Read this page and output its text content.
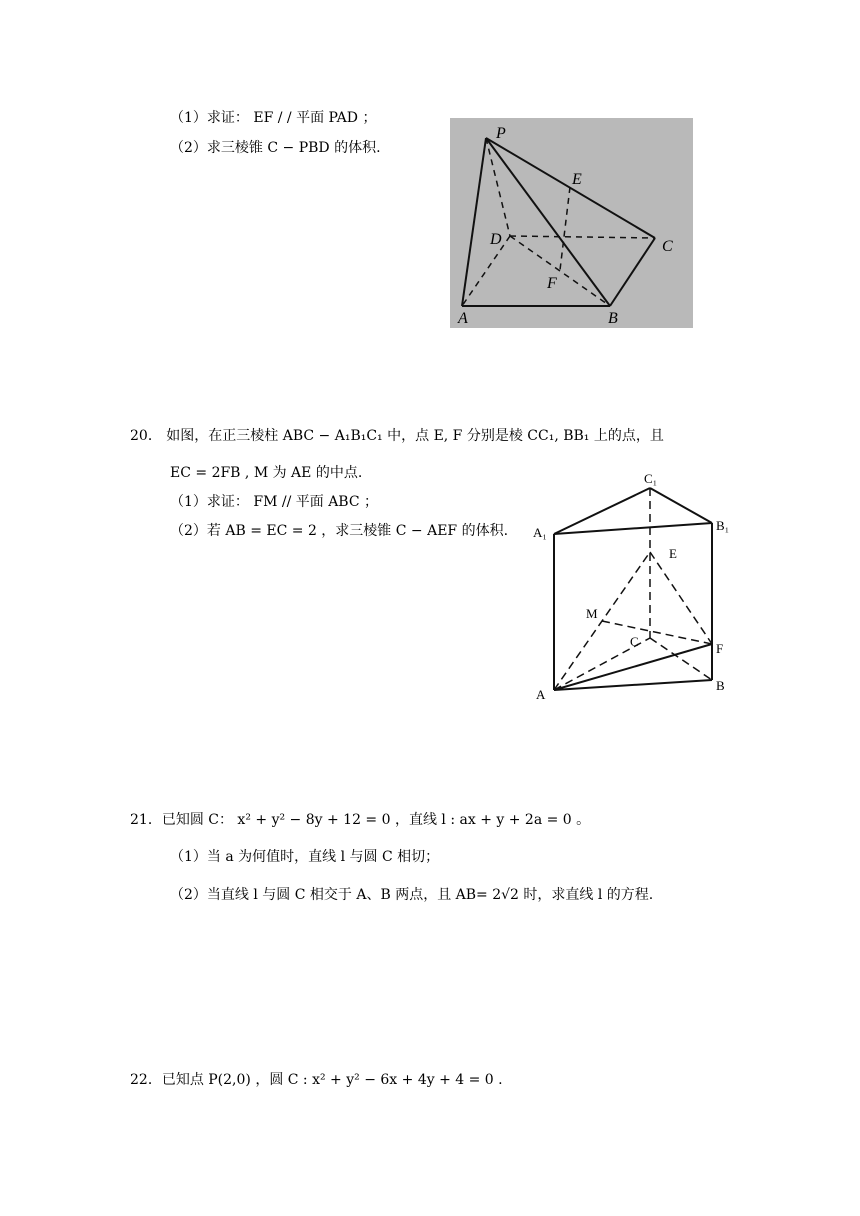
（1）求证： EF / / 平面 PAD ；
（2）求三棱锥 C − PBD 的体积.
P
E
D	C
F
A	B
20． 如图，在正三棱柱 ABC − A₁B₁C₁ 中，点 E, F 分别是棱 CC₁, BB₁ 上的点，且
EC = 2FB , M 为 AE 的中点.
（1）求证： FM // 平面 ABC ；
（2）若 AB = EC = 2 ，求三棱锥 C − AEF 的体积.
C₁
A₁	B₁
E
M
C	F
A
B
21．已知圆 C： x² + y² − 8y + 12 = 0 ，直线 l : ax + y + 2a = 0 。
（1）当 a 为何值时，直线 l 与圆 C 相切；
（2）当直线 l 与圆 C 相交于 A、B 两点，且 AB= 2√2 时，求直线 l 的方程.
22．已知点 P(2,0) ，圆 C : x² + y² − 6x + 4y + 4 = 0 .
